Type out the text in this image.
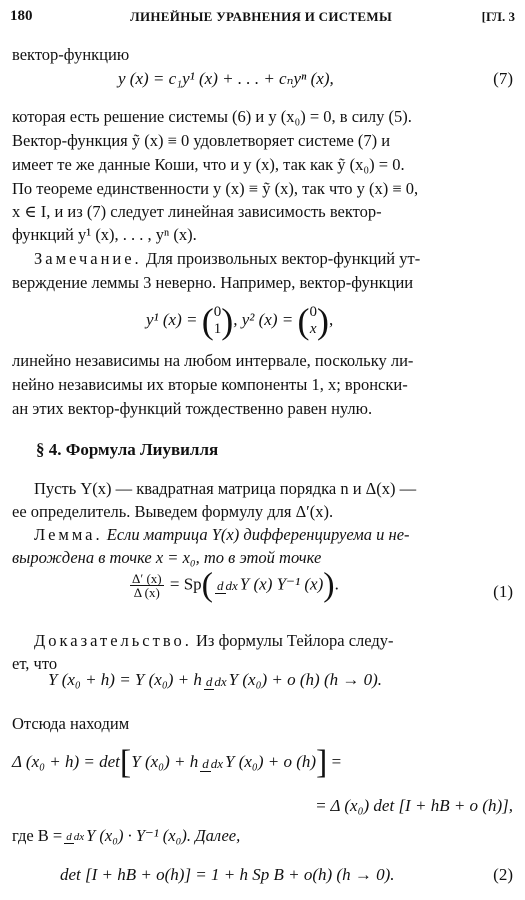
180	ЛИНЕЙНЫЕ УРАВНЕНИЯ И СИСТЕМЫ	[ГЛ. 3
вектор-функцию
y (x) = c₁y¹ (x) + . . . + cₙyⁿ (x),	(7)
которая есть решение системы (6) и y (x₀) = 0, в силу (5).
Вектор-функция ỹ (x) ≡ 0 удовлетворяет системе (7) и
имеет те же данные Коши, что и y (x), так как ỹ (x₀) = 0.
По теореме единственности y (x) ≡ ỹ (x), так что y (x) ≡ 0,
x ∈ I, и из (7) следует линейная зависимость вектор-
функций y¹ (x), . . . , yⁿ (x).
Замечание. Для произвольных вектор-функций ут-
верждение леммы 3 неверно. Например, вектор-функции
y¹ (x) = ( 0
1 ), y² (x) = ( 0
x ),
линейно независимы на любом интервале, поскольку ли-
нейно независимы их вторые компоненты 1, x; вронски-
ан этих вектор-функций тождественно равен нулю.
§ 4. Формула Лиувилля
Пусть Y(x) — квадратная матрица порядка n и Δ(x) —
ее определитель. Выведем формулу для Δ′(x).
Лемма. Если матрица Y(x) дифференцируема и не-
вырождена в точке x = x₀, то в этой точке
$\frac{\Delta' (x)}{\Delta (x)} = Sp$( d dx Y (x) Y⁻¹ (x)).	(1)
Доказательство. Из формулы Тейлора следу-
ет, что
Y (x₀ + h) = Y (x₀) + h d dx Y (x₀) + o (h) (h → 0).
Отсюда находим
Δ (x₀ + h) = det[Y (x₀) + h d dx Y (x₀) + o (h)] =
= Δ (x₀) det [I + hB + o (h)],
где B = d dx Y (x₀) · Y⁻¹ (x₀). Далее,
det [I + hB + o(h)] = 1 + h Sp B + o(h) (h → 0).	(2)
